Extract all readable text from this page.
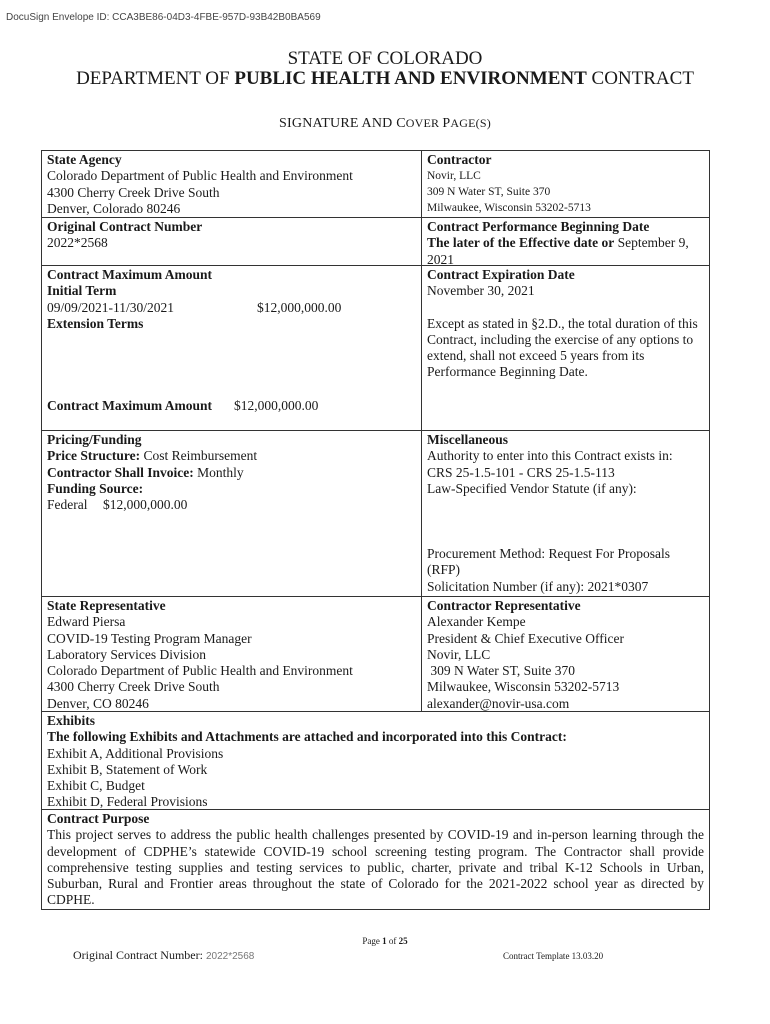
DocuSign Envelope ID: CCA3BE86-04D3-4FBE-957D-93B42B0BA569
STATE OF COLORADO
DEPARTMENT OF PUBLIC HEALTH AND ENVIRONMENT CONTRACT
SIGNATURE AND COVER PAGE(S)
State Agency
Colorado Department of Public Health and Environment
4300 Cherry Creek Drive South
Denver, Colorado 80246
Contractor
Novir, LLC
309 N Water ST, Suite 370
Milwaukee, Wisconsin 53202-5713
Original Contract Number
2022*2568
Contract Performance Beginning Date
The later of the Effective date or September 9, 2021
Contract Maximum Amount
Initial Term
09/09/2021-11/30/2021	$12,000,000.00
Extension Terms
Contract Maximum Amount	$12,000,000.00
Contract Expiration Date
November 30, 2021
Except as stated in §2.D., the total duration of this Contract, including the exercise of any options to extend, shall not exceed 5 years from its Performance Beginning Date.
Pricing/Funding
Price Structure: Cost Reimbursement
Contractor Shall Invoice: Monthly
Funding Source:
Federal	$12,000,000.00
Miscellaneous
Authority to enter into this Contract exists in:
CRS 25-1.5-101 - CRS 25-1.5-113
Law-Specified Vendor Statute (if any):
Procurement Method: Request For Proposals (RFP)
Solicitation Number (if any): 2021*0307
State Representative
Edward Piersa
COVID-19 Testing Program Manager
Laboratory Services Division
Colorado Department of Public Health and Environment
4300 Cherry Creek Drive South
Denver, CO 80246
Contractor Representative
Alexander Kempe
President & Chief Executive Officer
Novir, LLC
309 N Water ST, Suite 370
Milwaukee, Wisconsin 53202-5713
alexander@novir-usa.com
Exhibits
The following Exhibits and Attachments are attached and incorporated into this Contract:
Exhibit A, Additional Provisions
Exhibit B, Statement of Work
Exhibit C, Budget
Exhibit D, Federal Provisions
Contract Purpose
This project serves to address the public health challenges presented by COVID-19 and in-person learning through the development of CDPHE’s statewide COVID-19 school screening testing program. The Contractor shall provide comprehensive testing supplies and testing services to public, charter, private and tribal K-12 Schools in Urban, Suburban, Rural and Frontier areas throughout the state of Colorado for the 2021-2022 school year as directed by CDPHE.
Page 1 of 25
Original Contract Number: 2022*2568	Contract Template 13.03.20
